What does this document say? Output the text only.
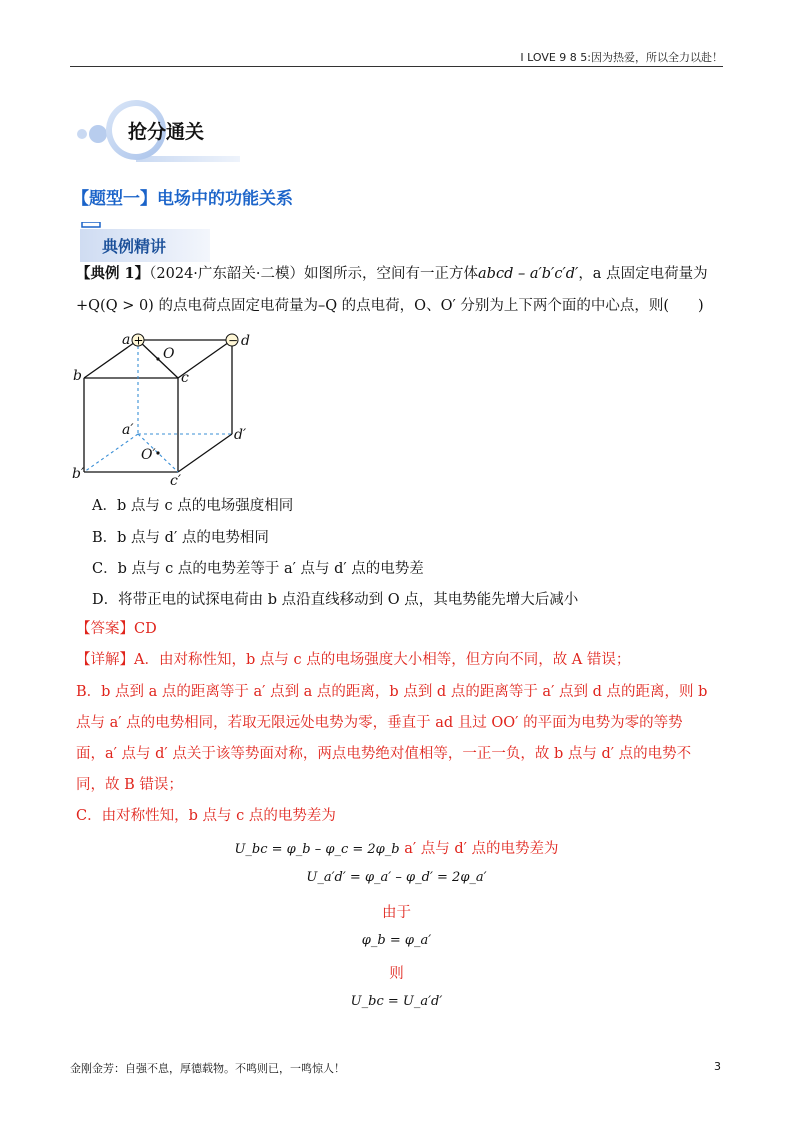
I LOVE 9 8 5:因为热爱，所以全力以赴！
抢分通关
【题型一】电场中的功能关系
典例精讲
【典例 1】（2024·广东韶关·二模）如图所示，空间有一正方体abcd – a′b′c′d′，a 点固定电荷量为
+Q(Q > 0) 的点电荷点固定电荷量为–Q 的点电荷，O、O′ 分别为上下两个面的中心点，则(　　)
+	−
a	d
b	c
O
a′	d′
O′
b′	c′
A．b 点与 c 点的电场强度相同
B．b 点与 d′ 点的电势相同
C．b 点与 c 点的电势差等于 a′ 点与 d′ 点的电势差
D．将带正电的试探电荷由 b 点沿直线移动到 O 点，其电势能先增大后减小
【答案】CD
【详解】A．由对称性知，b 点与 c 点的电场强度大小相等，但方向不同，故 A 错误；
B．b 点到 a 点的距离等于 a′ 点到 a 点的距离，b 点到 d 点的距离等于 a′ 点到 d 点的距离，则 b
点与 a′ 点的电势相同，若取无限远处电势为零，垂直于 ad 且过 OO′ 的平面为电势为零的等势
面，a′ 点与 d′ 点关于该等势面对称，两点电势绝对值相等，一正一负，故 b 点与 d′ 点的电势不
同，故 B 错误；
C．由对称性知，b 点与 c 点的电势差为
U_bc = φ_b – φ_c = 2φ_b a′ 点与 d′ 点的电势差为
U_a′d′ = φ_a′ – φ_d′ = 2φ_a′
由于
φ_b = φ_a′
则
U_bc = U_a′d′
金刚金芳：自强不息，厚德载物。不鸣则已，一鸣惊人！	3
